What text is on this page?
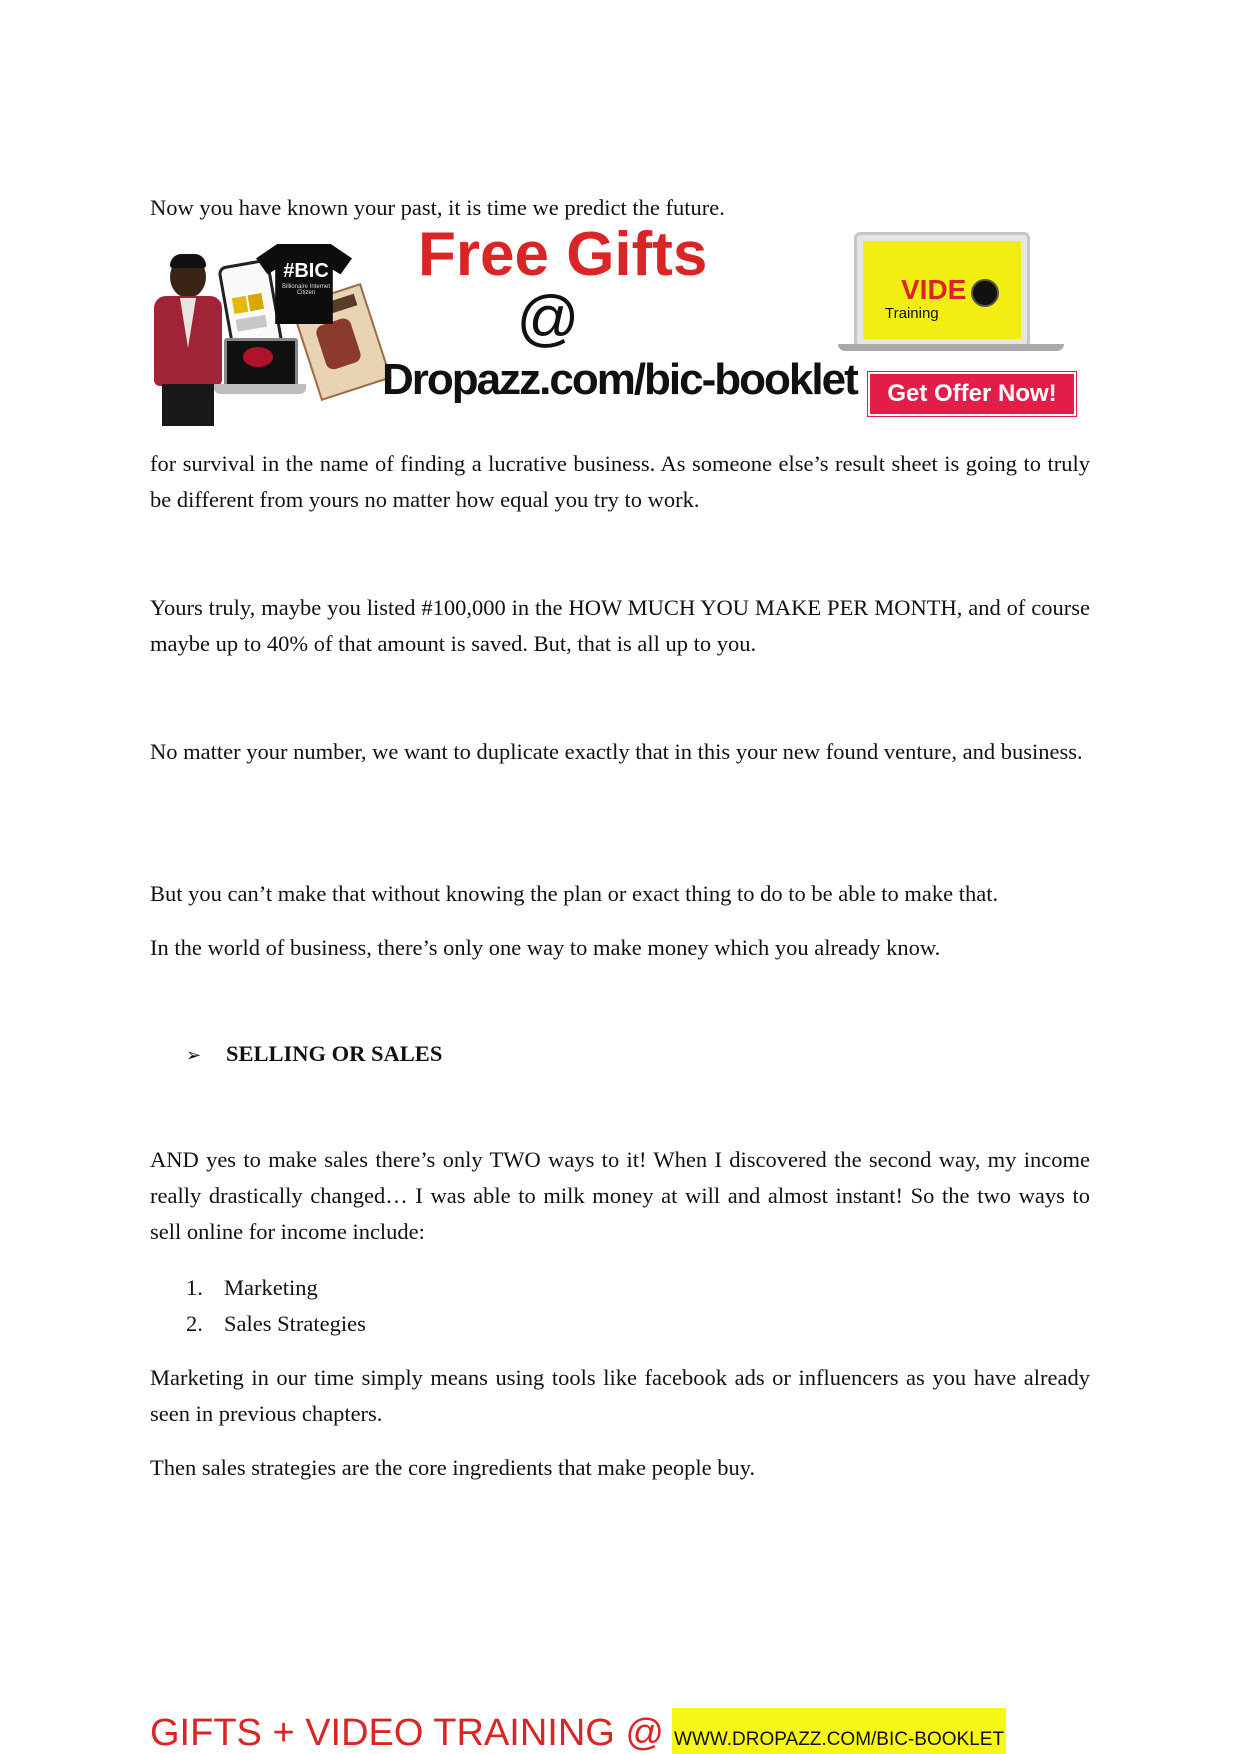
Now you have known your past, it is time we predict the future.
#BIC
Billionaire Internet Citizen
Free Gifts
@
Dropazz.com/bic-booklet
VIDE
Training
Get Offer Now!

for survival in the name of finding a lucrative business. As someone else’s result sheet is going to truly be different from yours no matter how equal you try to work.

Yours truly, maybe you listed #100,000 in the HOW MUCH YOU MAKE PER MONTH, and of course maybe up to 40% of that amount is saved. But, that is all up to you.

No matter your number, we want to duplicate exactly that in this your new found venture, and business.

But you can’t make that without knowing the plan or exact thing to do to be able to make that.
In the world of business, there’s only one way to make money which you already know.
➢ SELLING OR SALES

AND yes to make sales there’s only TWO ways to it! When I discovered the second way, my income really drastically changed… I was able to milk money at will and almost instant! So the two ways to sell online for income include:

1. Marketing
2. Sales Strategies

Marketing in our time simply means using tools like facebook ads or influencers as you have already seen in previous chapters.

Then sales strategies are the core ingredients that make people buy.
GIFTS + VIDEO TRAINING @ WWW.DROPAZZ.COM/BIC-BOOKLET
